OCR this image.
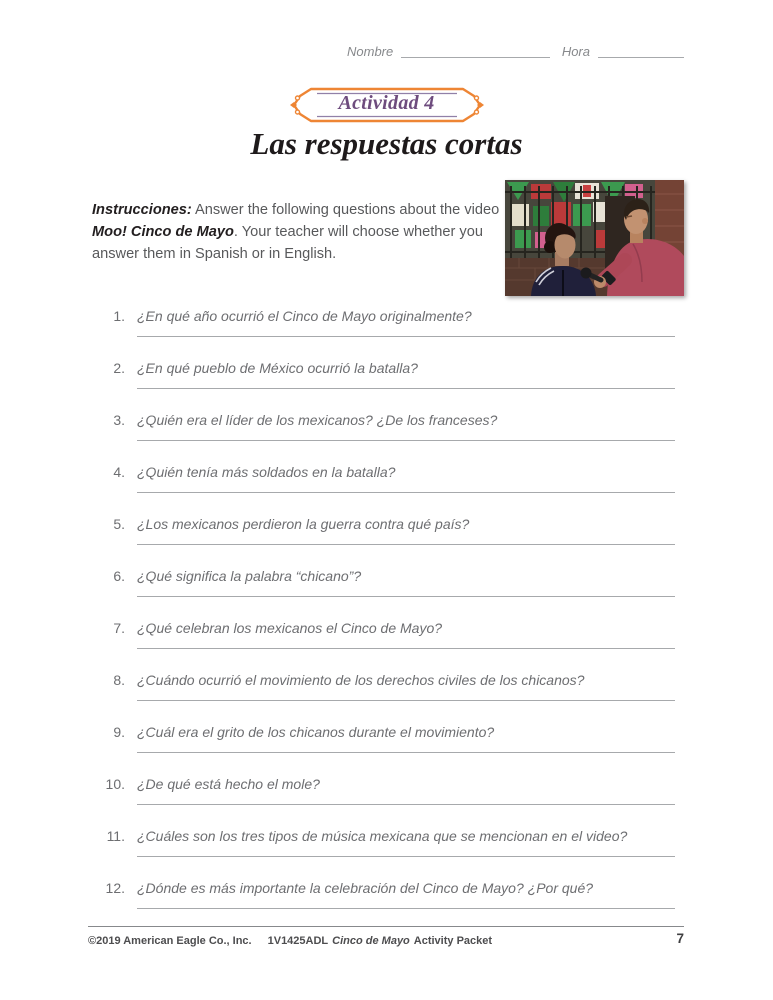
Nombre	Hora
Actividad 4
Las respuestas cortas

Instrucciones: Answer the following questions about the video Moo! Cinco de Mayo. Your teacher will choose whether you answer them in Spanish or in English.

1. ¿En qué año ocurrió el Cinco de Mayo originalmente?
2. ¿En qué pueblo de México ocurrió la batalla?
3. ¿Quién era el líder de los mexicanos? ¿De los franceses?
4. ¿Quién tenía más soldados en la batalla?
5. ¿Los mexicanos perdieron la guerra contra qué país?
6. ¿Qué significa la palabra “chicano”?
7. ¿Qué celebran los mexicanos el Cinco de Mayo?
8. ¿Cuándo ocurrió el movimiento de los derechos civiles de los chicanos?
9. ¿Cuál era el grito de los chicanos durante el movimiento?
10. ¿De qué está hecho el mole?
11. ¿Cuáles son los tres tipos de música mexicana que se mencionan en el video?
12. ¿Dónde es más importante la celebración del Cinco de Mayo? ¿Por qué?
©2019 American Eagle Co., Inc. 1V1425ADL Cinco de Mayo Activity Packet	7
